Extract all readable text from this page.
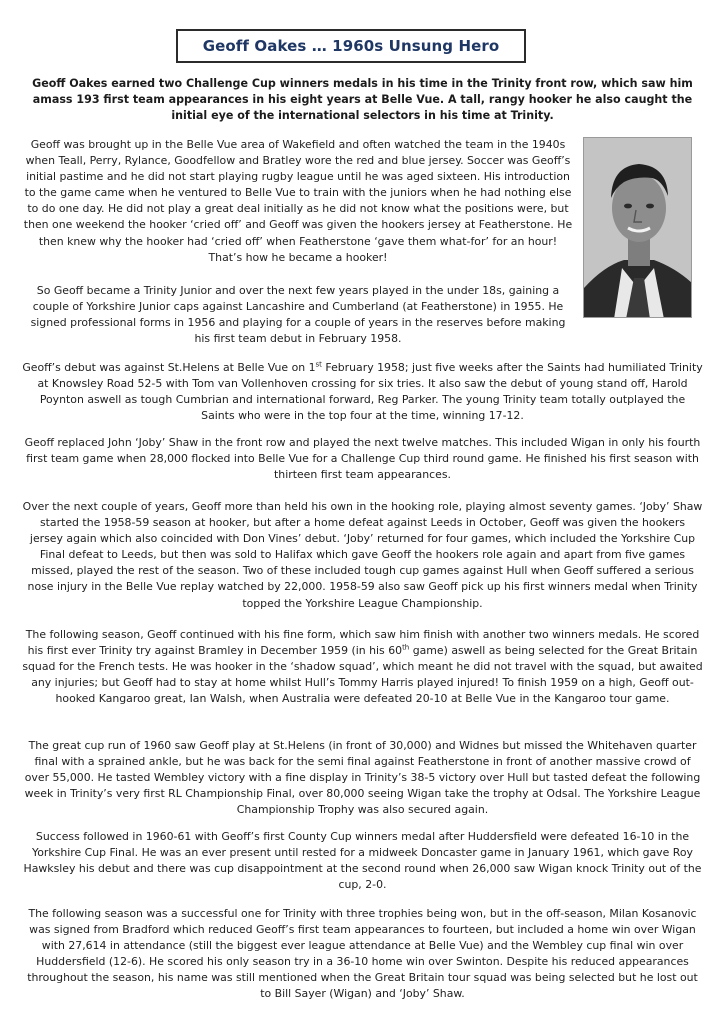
Geoff Oakes … 1960s Unsung Hero
Geoff Oakes earned two Challenge Cup winners medals in his time in the Trinity front row, which saw him amass 193 first team appearances in his eight years at Belle Vue. A tall, rangy hooker he also caught the initial eye of the international selectors in his time at Trinity.
Geoff was brought up in the Belle Vue area of Wakefield and often watched the team in the 1940s when Teall, Perry, Rylance, Goodfellow and Bratley wore the red and blue jersey. Soccer was Geoff’s initial pastime and he did not start playing rugby league until he was aged sixteen. His introduction to the game came when he ventured to Belle Vue to train with the juniors when he had nothing else to do one day. He did not play a great deal initially as he did not know what the positions were, but then one weekend the hooker ‘cried off’ and Geoff was given the hookers jersey at Featherstone. He then knew why the hooker had ‘cried off’ when Featherstone ‘gave them what-for’ for an hour! That’s how he became a hooker!
So Geoff became a Trinity Junior and over the next few years played in the under 18s, gaining a couple of Yorkshire Junior caps against Lancashire and Cumberland (at Featherstone) in 1955. He signed professional forms in 1956 and playing for a couple of years in the reserves before making his first team debut in February 1958.
Geoff’s debut was against St.Helens at Belle Vue on 1st February 1958; just five weeks after the Saints had humiliated Trinity at Knowsley Road 52-5 with Tom van Vollenhoven crossing for six tries. It also saw the debut of young stand off, Harold Poynton aswell as tough Cumbrian and international forward, Reg Parker. The young Trinity team totally outplayed the Saints who were in the top four at the time, winning 17-12.
Geoff replaced John ‘Joby’ Shaw in the front row and played the next twelve matches. This included Wigan in only his fourth first team game when 28,000 flocked into Belle Vue for a Challenge Cup third round game. He finished his first season with thirteen first team appearances.
Over the next couple of years, Geoff more than held his own in the hooking role, playing almost seventy games. ‘Joby’ Shaw started the 1958-59 season at hooker, but after a home defeat against Leeds in October, Geoff was given the hookers jersey again which also coincided with Don Vines’ debut. ‘Joby’ returned for four games, which included the Yorkshire Cup Final defeat to Leeds, but then was sold to Halifax which gave Geoff the hookers role again and apart from five games missed, played the rest of the season. Two of these included tough cup games against Hull when Geoff suffered a serious nose injury in the Belle Vue replay watched by 22,000. 1958-59 also saw Geoff pick up his first winners medal when Trinity topped the Yorkshire League Championship.
The following season, Geoff continued with his fine form, which saw him finish with another two winners medals. He scored his first ever Trinity try against Bramley in December 1959 (in his 60th game) aswell as being selected for the Great Britain squad for the French tests. He was hooker in the ‘shadow squad’, which meant he did not travel with the squad, but awaited any injuries; but Geoff had to stay at home whilst Hull’s Tommy Harris played injured! To finish 1959 on a high, Geoff out-hooked Kangaroo great, Ian Walsh, when Australia were defeated 20-10 at Belle Vue in the Kangaroo tour game.
The great cup run of 1960 saw Geoff play at St.Helens (in front of 30,000) and Widnes but missed the Whitehaven quarter final with a sprained ankle, but he was back for the semi final against Featherstone in front of another massive crowd of over 55,000. He tasted Wembley victory with a fine display in Trinity’s 38-5 victory over Hull but tasted defeat the following week in Trinity’s very first RL Championship Final, over 80,000 seeing Wigan take the trophy at Odsal. The Yorkshire League Championship Trophy was also secured again.
Success followed in 1960-61 with Geoff’s first County Cup winners medal after Huddersfield were defeated 16-10 in the Yorkshire Cup Final. He was an ever present until rested for a midweek Doncaster game in January 1961, which gave Roy Hawksley his debut and there was cup disappointment at the second round when 26,000 saw Wigan knock Trinity out of the cup, 2-0.
The following season was a successful one for Trinity with three trophies being won, but in the off-season, Milan Kosanovic was signed from Bradford which reduced Geoff’s first team appearances to fourteen, but included a home win over Wigan with 27,614 in attendance (still the biggest ever league attendance at Belle Vue) and the Wembley cup final win over Huddersfield (12-6). He scored his only season try in a 36-10 home win over Swinton. Despite his reduced appearances throughout the season, his name was still mentioned when the Great Britain tour squad was being selected but he lost out to Bill Sayer (Wigan) and ‘Joby’ Shaw.
